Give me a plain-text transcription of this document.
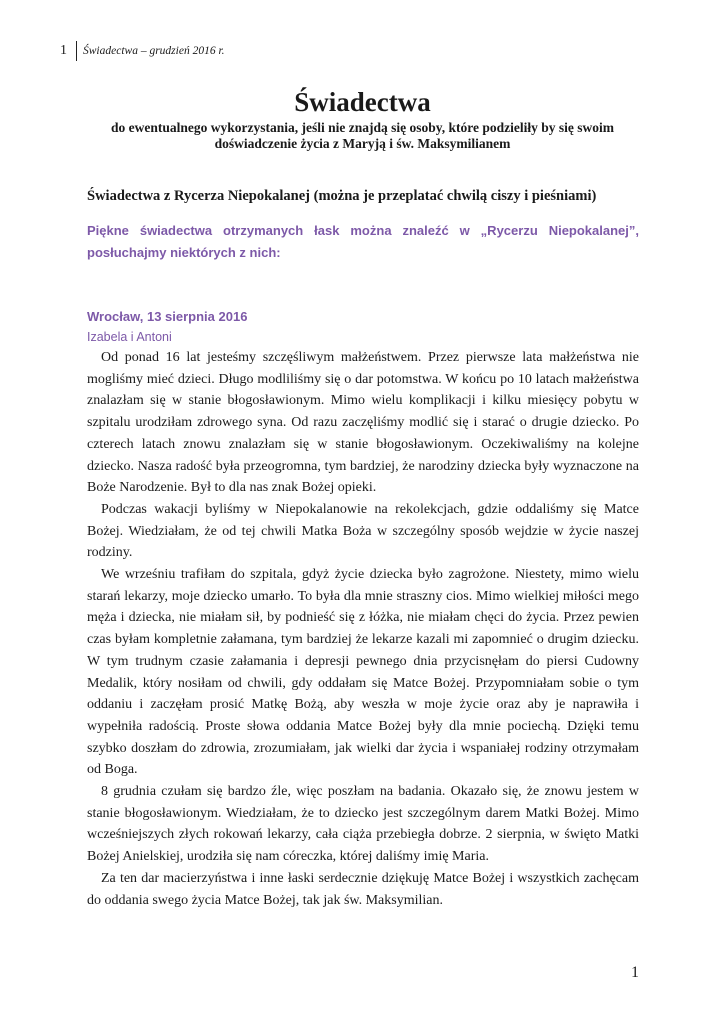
1	Świadectwa – grudzień 2016 r.
Świadectwa
do ewentualnego wykorzystania, jeśli nie znajdą się osoby, które podzieliły by się swoim doświadczenie życia z Maryją i św. Maksymilianem
Świadectwa z Rycerza Niepokalanej (można je przeplatać chwilą ciszy i pieśniami)
Piękne świadectwa otrzymanych łask można znaleźć w „Rycerzu Niepokalanej”, posłuchajmy niektórych z nich:
Wrocław, 13 sierpnia 2016
Izabela i Antoni

Od ponad 16 lat jesteśmy szczęśliwym małżeństwem. Przez pierwsze lata małżeństwa nie mogliśmy mieć dzieci. Długo modliliśmy się o dar potomstwa. W końcu po 10 latach małżeństwa znalazłam się w stanie błogosławionym. Mimo wielu komplikacji i kilku miesięcy pobytu w szpitalu urodziłam zdrowego syna. Od razu zaczęliśmy modlić się i starać o drugie dziecko. Po czterech latach znowu znalazłam się w stanie błogosławionym. Oczekiwaliśmy na kolejne dziecko. Nasza radość była przeogromna, tym bardziej, że narodziny dziecka były wyznaczone na Boże Narodzenie. Był to dla nas znak Bożej opieki.

Podczas wakacji byliśmy w Niepokalanowie na rekolekcjach, gdzie oddaliśmy się Matce Bożej. Wiedziałam, że od tej chwili Matka Boża w szczególny sposób wejdzie w życie naszej rodziny.

We wrześniu trafiłam do szpitala, gdyż życie dziecka było zagrożone. Niestety, mimo wielu starań lekarzy, moje dziecko umarło. To była dla mnie straszny cios. Mimo wielkiej miłości mego męża i dziecka, nie miałam sił, by podnieść się z łóżka, nie miałam chęci do życia. Przez pewien czas byłam kompletnie załamana, tym bardziej że lekarze kazali mi zapomnieć o drugim dziecku. W tym trudnym czasie załamania i depresji pewnego dnia przycisnęłam do piersi Cudowny Medalik, który nosiłam od chwili, gdy oddałam się Matce Bożej. Przypomniałam sobie o tym oddaniu i zaczęłam prosić Matkę Bożą, aby weszła w moje życie oraz aby je naprawiła i wypełniła radością. Proste słowa oddania Matce Bożej były dla mnie pociechą. Dzięki temu szybko doszłam do zdrowia, zrozumiałam, jak wielki dar życia i wspaniałej rodziny otrzymałam od Boga.

8 grudnia czułam się bardzo źle, więc poszłam na badania. Okazało się, że znowu jestem w stanie błogosławionym. Wiedziałam, że to dziecko jest szczególnym darem Matki Bożej. Mimo wcześniejszych złych rokowań lekarzy, cała ciąża przebiegła dobrze. 2 sierpnia, w święto Matki Bożej Anielskiej, urodziła się nam córeczka, której daliśmy imię Maria.

Za ten dar macierzyństwa i inne łaski serdecznie dziękuję Matce Bożej i wszystkich zachęcam do oddania swego życia Matce Bożej, tak jak św. Maksymilian.

1
